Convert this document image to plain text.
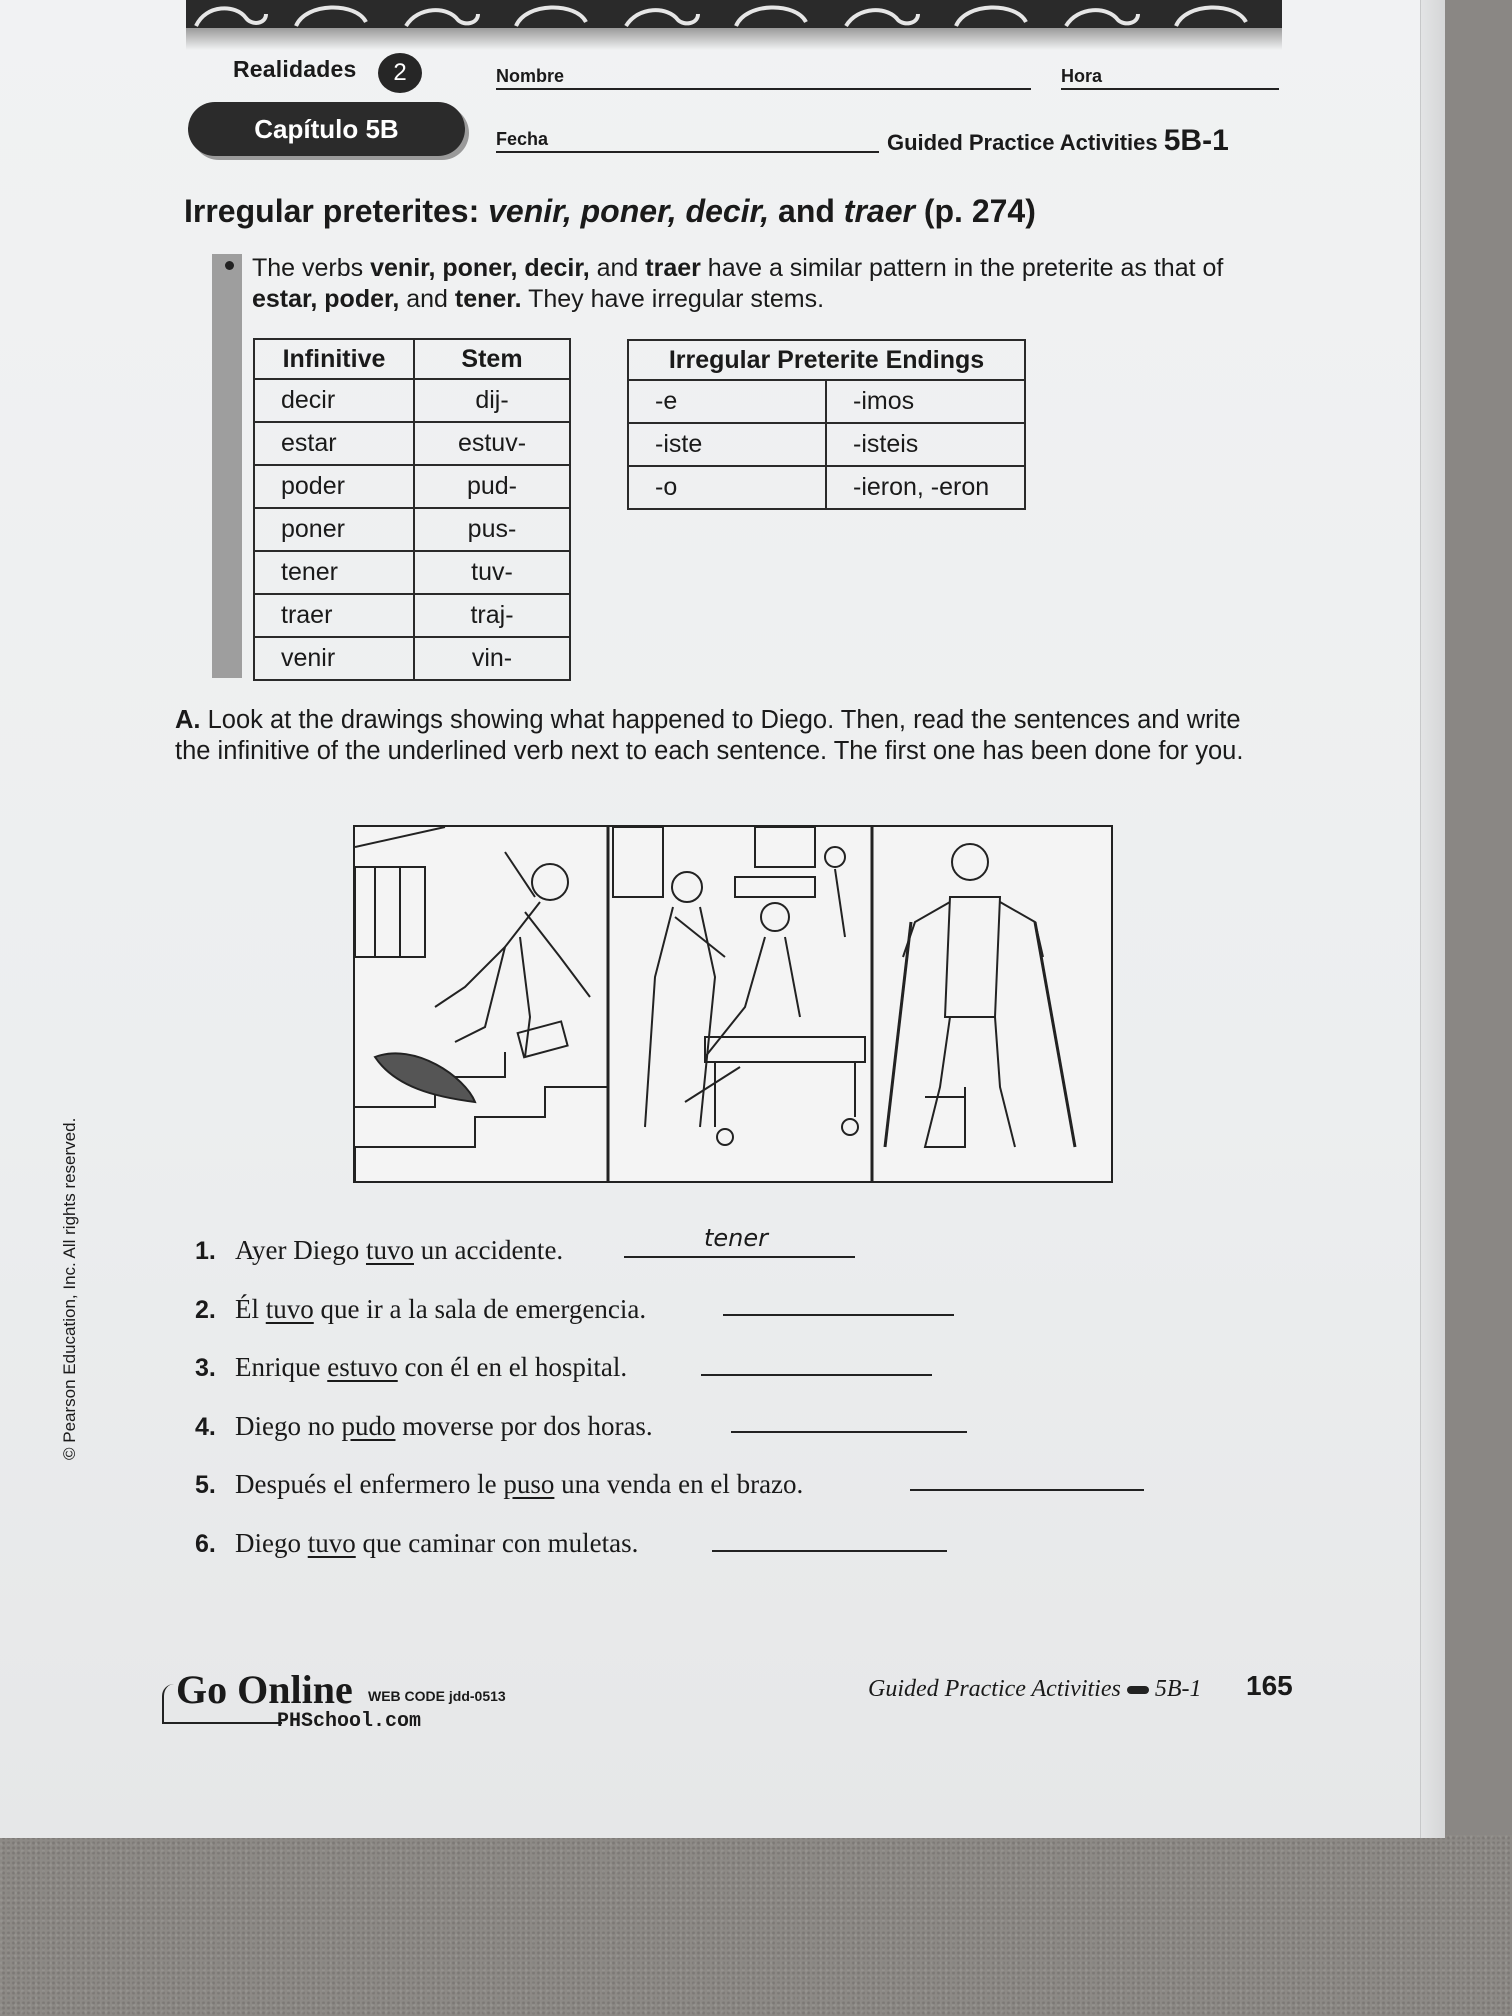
Realidades	2
Capítulo 5B
Nombre	Hora
Fecha	Guided Practice Activities 5B-1
Irregular preterites: venir, poner, decir, and traer (p. 274)
The verbs venir, poner, decir, and traer have a similar pattern in the preterite as that of estar, poder, and tener. They have irregular stems.
Infinitive	Stem
decir	dij-
estar	estuv-
poder	pud-
poner	pus-
tener	tuv-
traer	traj-
venir	vin-
Irregular Preterite Endings	
-e	-imos
-iste	-isteis
-o	-ieron, -eron
A. Look at the drawings showing what happened to Diego. Then, read the sentences and write the infinitive of the underlined verb next to each sentence. The first one has been done for you.
1. Ayer Diego tuvo un accidente.	tener
2. Él tuvo que ir a la sala de emergencia.
3. Enrique estuvo con él en el hospital.
4. Diego no pudo moverse por dos horas.
5. Después el enfermero le puso una venda en el brazo.
6. Diego tuvo que caminar con muletas.
© Pearson Education, Inc. All rights reserved.
Go Online WEB CODE jdd-0513
PHSchool.com
Guided Practice Activities 5B-1 165
